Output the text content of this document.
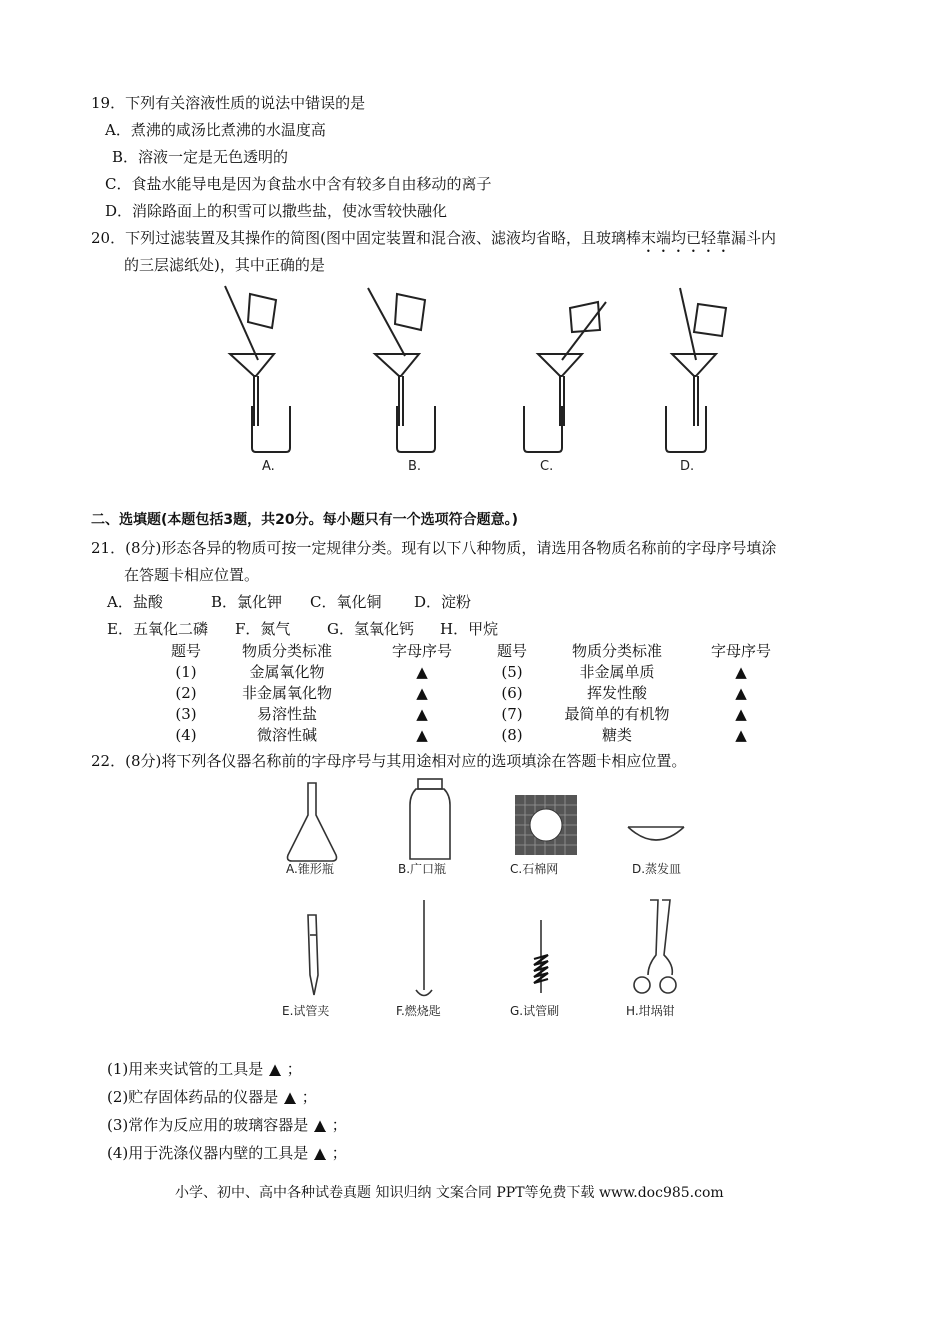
19．下列有关溶液性质的说法中错误的是
A．煮沸的咸汤比煮沸的水温度高
B．溶液一定是无色透明的
C．食盐水能导电是因为食盐水中含有较多自由移动的离子
D．消除路面上的积雪可以撒些盐，使冰雪较快融化
20．下列过滤装置及其操作的简图(图中固定装置和混合液、滤液均省略，且玻璃棒末端均已轻靠漏斗内
的三层滤纸处)，其中正确的是
A.	B.	C.	D.
二、选填题(本题包括3题，共20分。每小题只有一个选项符合题意。)
21．(8分)形态各异的物质可按一定规律分类。现有以下八种物质，请选用各物质名称前的字母序号填涂
在答题卡相应位置。
A．盐酸	B．氯化钾 C．氧化铜 D．淀粉
E．五氧化二磷 F．氮气 G．氢氧化钙 H．甲烷
题号	物质分类标准	字母序号	题号	物质分类标准	字母序号
(1)	金属氧化物	▲	(5)	非金属单质	▲
(2)	非金属氧化物	▲	(6)	挥发性酸	▲
(3)	易溶性盐	▲	(7)	最简单的有机物	▲
(4)	微溶性碱	▲	(8)	糖类	▲
22．(8分)将下列各仪器名称前的字母序号与其用途相对应的选项填涂在答题卡相应位置。
A.锥形瓶	B.广口瓶	C.石棉网	D.蒸发皿
E.试管夹	F.燃烧匙	G.试管刷	H.坩埚钳
(1)用来夹试管的工具是 ▲ ；
(2)贮存固体药品的仪器是 ▲ ；
(3)常作为反应用的玻璃容器是 ▲ ；
(4)用于洗涤仪器内壁的工具是 ▲ ；
小学、初中、高中各种试卷真题 知识归纳 文案合同 PPT等免费下载 www.doc985.com
